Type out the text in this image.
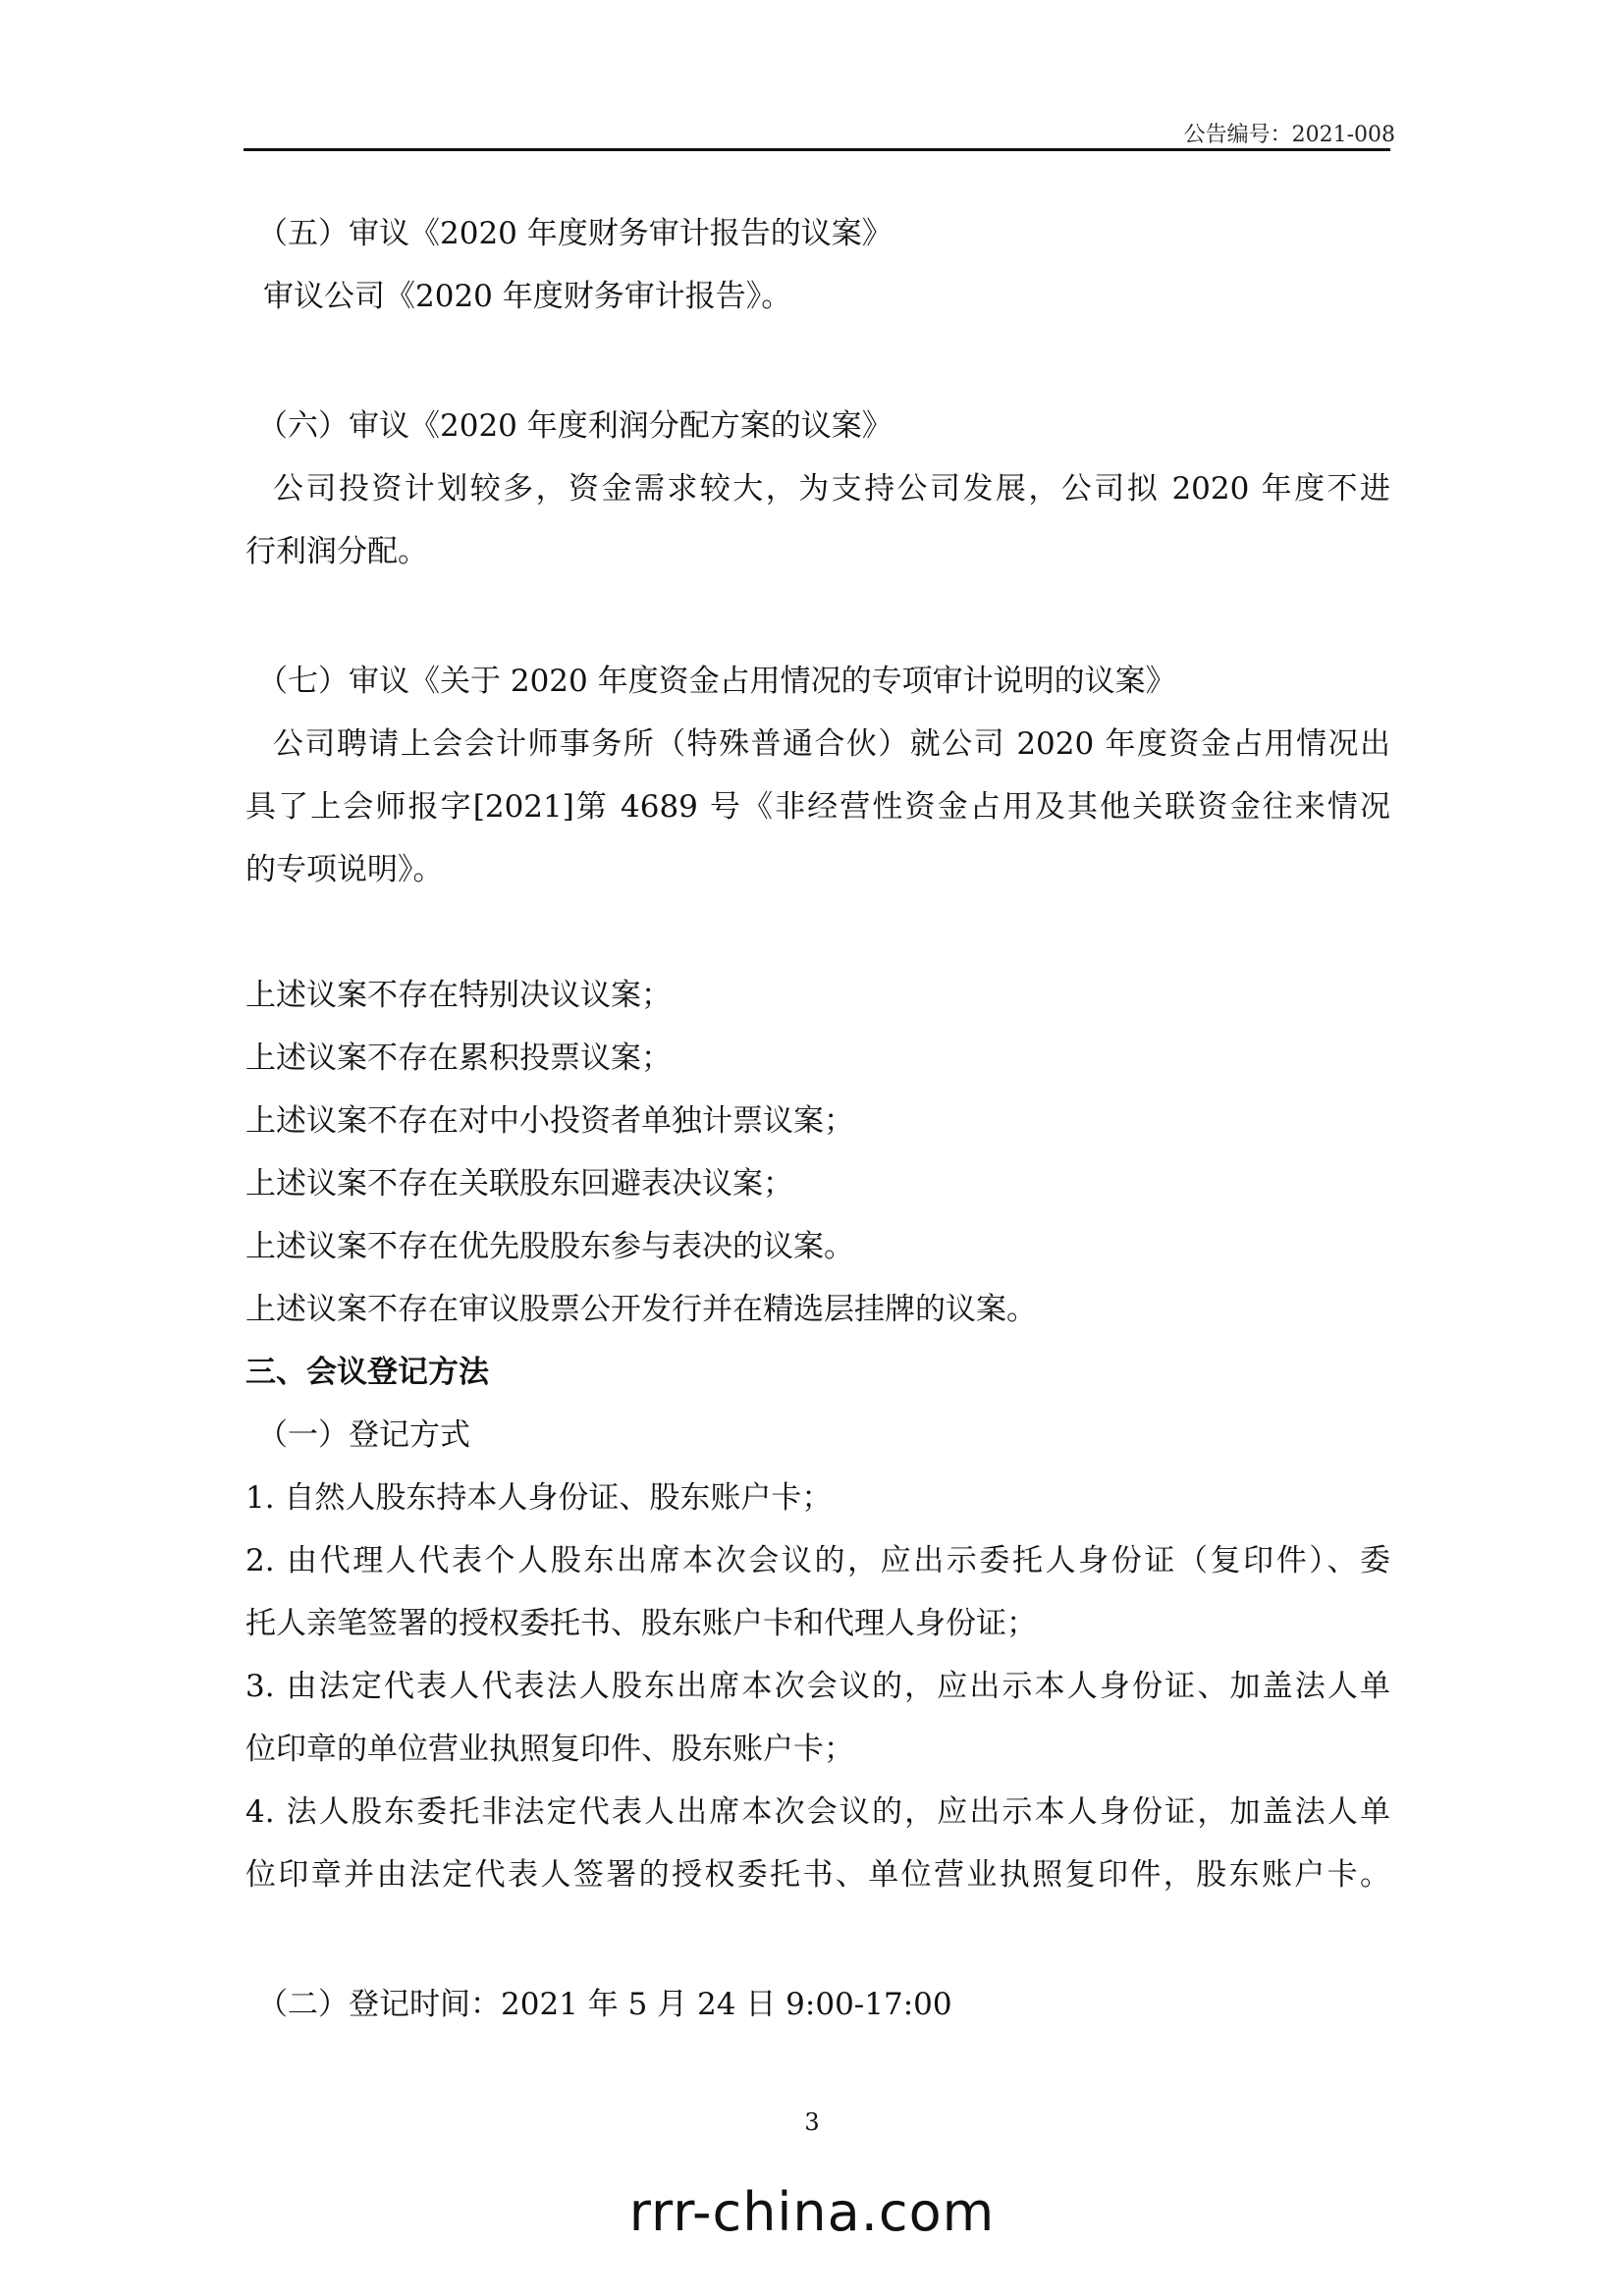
公告编号：2021-008
（五）审议《2020 年度财务审计报告的议案》
审议公司《2020 年度财务审计报告》。
（六）审议《2020 年度利润分配方案的议案》
公司投资计划较多，资金需求较大，为支持公司发展，公司拟 2020 年度不进
行利润分配。
（七）审议《关于 2020 年度资金占用情况的专项审计说明的议案》
公司聘请上会会计师事务所（特殊普通合伙）就公司 2020 年度资金占用情况出
具了上会师报字[2021]第 4689 号《非经营性资金占用及其他关联资金往来情况
的专项说明》。
上述议案不存在特别决议议案；
上述议案不存在累积投票议案；
上述议案不存在对中小投资者单独计票议案；
上述议案不存在关联股东回避表决议案；
上述议案不存在优先股股东参与表决的议案。
上述议案不存在审议股票公开发行并在精选层挂牌的议案。
三、会议登记方法
（一）登记方式
1. 自然人股东持本人身份证、股东账户卡；
2. 由代理人代表个人股东出席本次会议的，应出示委托人身份证（复印件）、委
托人亲笔签署的授权委托书、股东账户卡和代理人身份证；
3. 由法定代表人代表法人股东出席本次会议的，应出示本人身份证、加盖法人单
位印章的单位营业执照复印件、股东账户卡；
4. 法人股东委托非法定代表人出席本次会议的，应出示本人身份证，加盖法人单
位印章并由法定代表人签署的授权委托书、单位营业执照复印件，股东账户卡。
（二）登记时间：2021 年 5 月 24 日 9:00-17:00
3
rrr-china.com
